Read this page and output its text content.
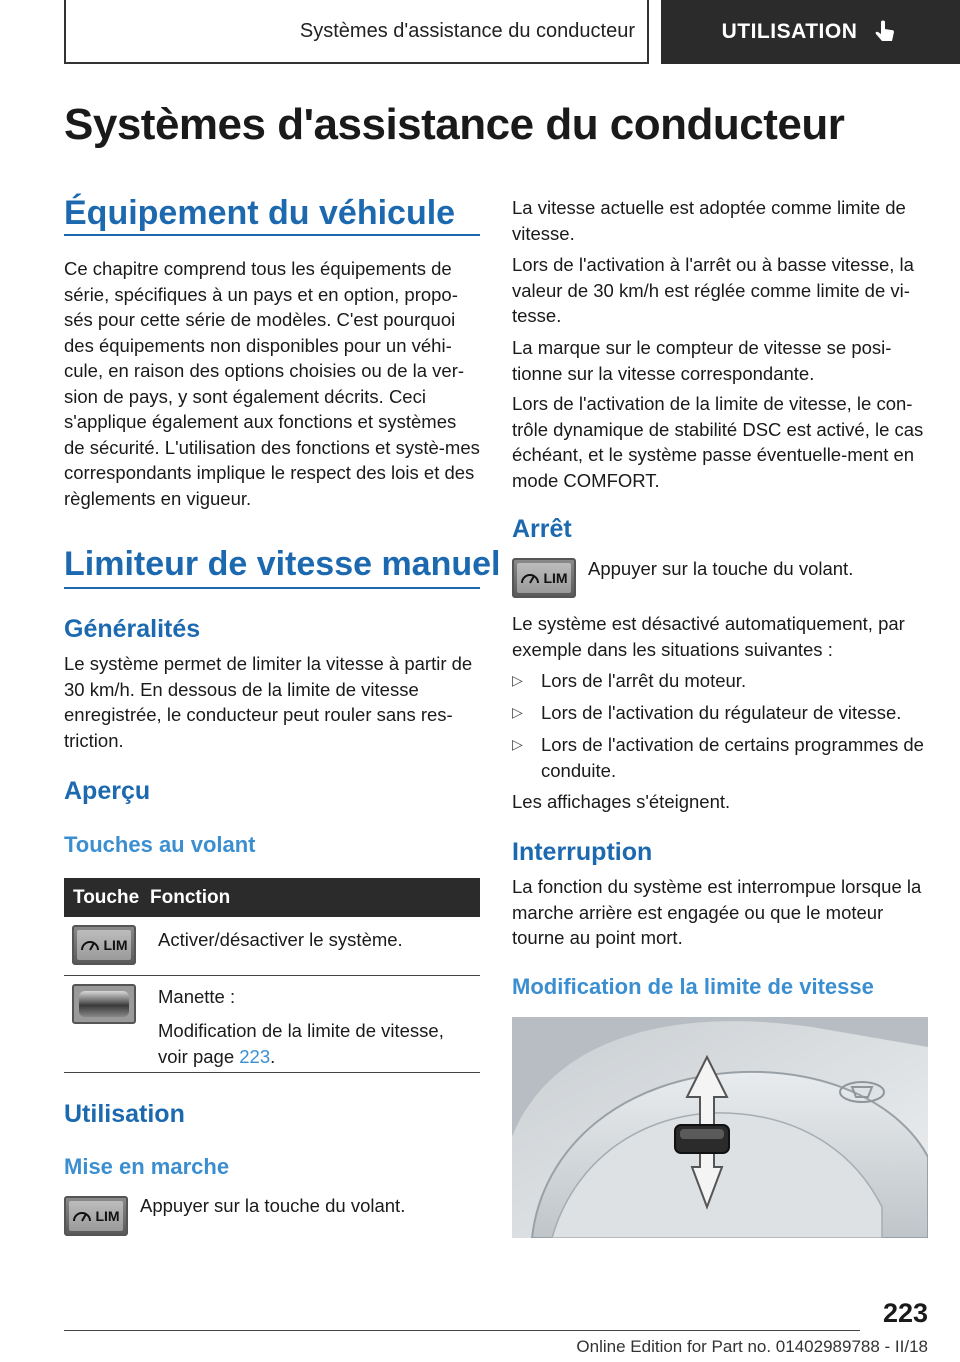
Systèmes d'assistance du conducteur	UTILISATION
Systèmes d'assistance du conducteur
Équipement du véhicule
Ce chapitre comprend tous les équipements de série, spécifiques à un pays et en option, propo-sés pour cette série de modèles. C'est pourquoi des équipements non disponibles pour un véhi-cule, en raison des options choisies ou de la ver-sion de pays, y sont également décrits. Ceci s'applique également aux fonctions et systèmes de sécurité. L'utilisation des fonctions et systè-mes correspondants implique le respect des lois et des règlements en vigueur.
Limiteur de vitesse manuel
Généralités
Le système permet de limiter la vitesse à partir de 30 km/h. En dessous de la limite de vitesse enregistrée, le conducteur peut rouler sans res-triction.
Aperçu
Touches au volant
Touche Fonction
LIM Activer/désactiver le système.
Manette :
Modification de la limite de vitesse, voir page 223.
Utilisation
Mise en marche
LIM Appuyer sur la touche du volant.
La vitesse actuelle est adoptée comme limite de vitesse.
Lors de l'activation à l'arrêt ou à basse vitesse, la valeur de 30 km/h est réglée comme limite de vi-tesse.
La marque sur le compteur de vitesse se posi-tionne sur la vitesse correspondante.
Lors de l'activation de la limite de vitesse, le con-trôle dynamique de stabilité DSC est activé, le cas échéant, et le système passe éventuelle-ment en mode COMFORT.
Arrêt
LIM Appuyer sur la touche du volant.
Le système est désactivé automatiquement, par exemple dans les situations suivantes :
▷ Lors de l'arrêt du moteur.
▷ Lors de l'activation du régulateur de vitesse.
▷ Lors de l'activation de certains programmes de conduite.
Les affichages s'éteignent.
Interruption
La fonction du système est interrompue lorsque la marche arrière est engagée ou que le moteur tourne au point mort.
Modification de la limite de vitesse
223
Online Edition for Part no. 01402989788 - II/18
